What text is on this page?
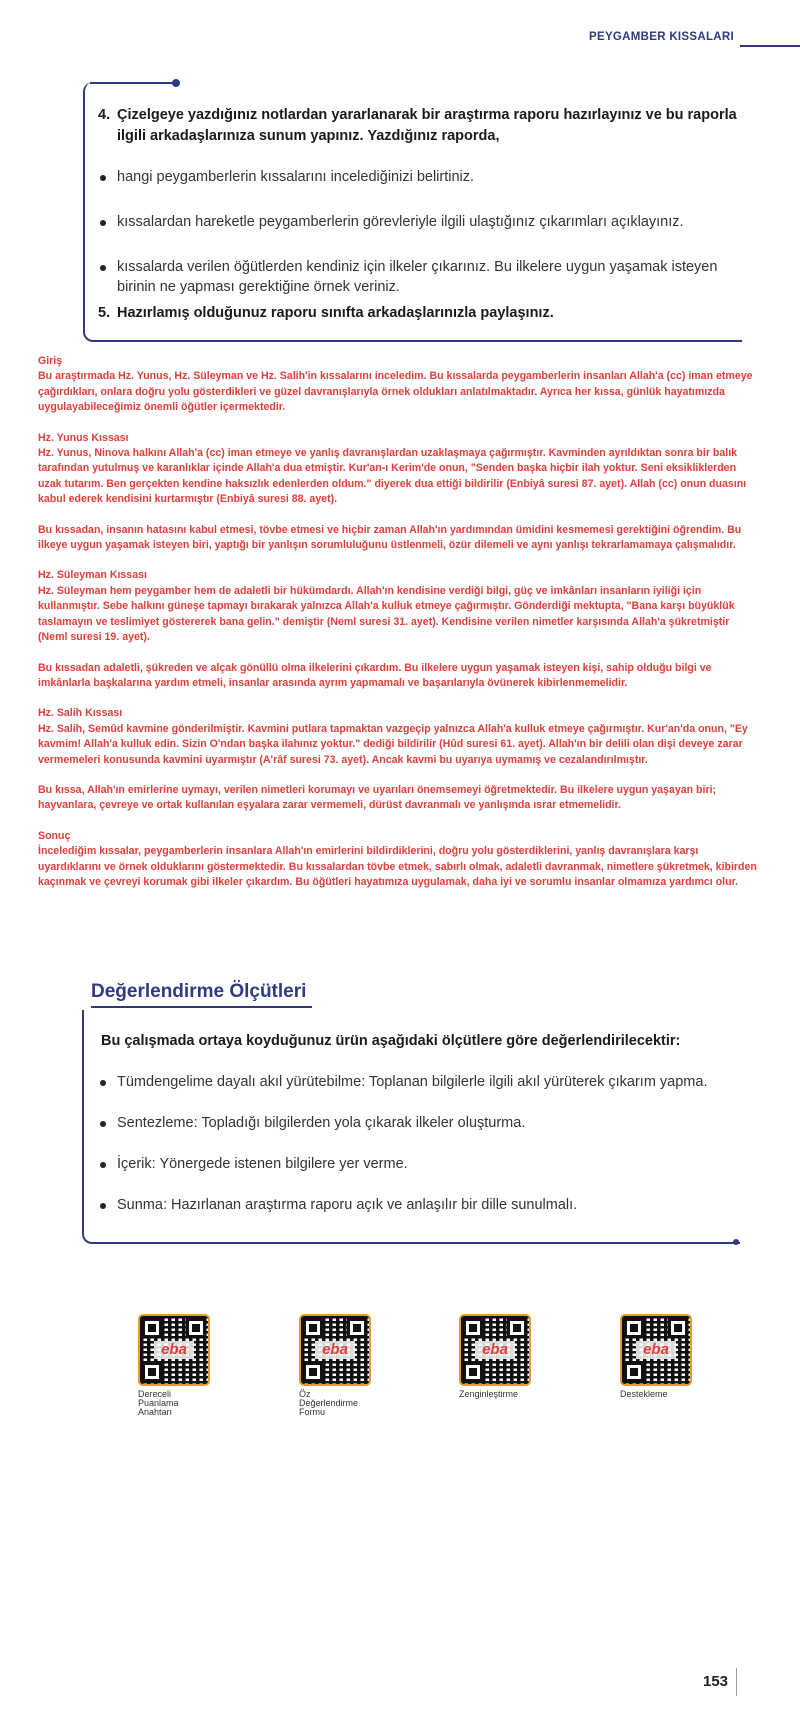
PEYGAMBER KISSALARI
4. Çizelgeye yazdığınız notlardan yararlanarak bir araştırma raporu hazırlayınız ve bu raporla ilgili arkadaşlarınıza sunum yapınız. Yazdığınız raporda,
hangi peygamberlerin kıssalarını incelediğinizi belirtiniz.
kıssalardan hareketle peygamberlerin görevleriyle ilgili ulaştığınız çıkarımları açıklayınız.
kıssalarda verilen öğütlerden kendiniz için ilkeler çıkarınız. Bu ilkelere uygun yaşamak isteyen birinin ne yapması gerektiğine örnek veriniz.
5. Hazırlamış olduğunuz raporu sınıfta arkadaşlarınızla paylaşınız.

Giriş
Bu araştırmada Hz. Yunus, Hz. Süleyman ve Hz. Salih'in kıssalarını inceledim. Bu kıssalarda peygamberlerin insanları Allah'a (cc) iman etmeye çağırdıkları, onlara doğru yolu gösterdikleri ve güzel davranışlarıyla örnek oldukları anlatılmaktadır. Ayrıca her kıssa, günlük hayatımızda uygulayabileceğimiz önemli öğütler içermektedir.

Hz. Yunus Kıssası
Hz. Yunus, Ninova halkını Allah'a (cc) iman etmeye ve yanlış davranışlardan uzaklaşmaya çağırmıştır. Kavminden ayrıldıktan sonra bir balık tarafından yutulmuş ve karanlıklar içinde Allah'a dua etmiştir. Kur'an-ı Kerim'de onun, "Senden başka hiçbir ilah yoktur. Seni eksikliklerden uzak tutarım. Ben gerçekten kendine haksızlık edenlerden oldum." diyerek dua ettiği bildirilir (Enbiyâ suresi 87. ayet). Allah (cc) onun duasını kabul ederek kendisini kurtarmıştır (Enbiyâ suresi 88. ayet).

Bu kıssadan, insanın hatasını kabul etmesi, tövbe etmesi ve hiçbir zaman Allah'ın yardımından ümidini kesmemesi gerektiğini öğrendim. Bu ilkeye uygun yaşamak isteyen biri, yaptığı bir yanlışın sorumluluğunu üstlenmeli, özür dilemeli ve aynı yanlışı tekrarlamamaya çalışmalıdır.

Hz. Süleyman Kıssası
Hz. Süleyman hem peygamber hem de adaletli bir hükümdardı. Allah'ın kendisine verdiği bilgi, güç ve imkânları insanların iyiliği için kullanmıştır. Sebe halkını güneşe tapmayı bırakarak yalnızca Allah'a kulluk etmeye çağırmıştır. Gönderdiği mektupta, "Bana karşı büyüklük taslamayın ve teslimiyet göstererek bana gelin." demiştir (Neml suresi 31. ayet). Kendisine verilen nimetler karşısında Allah'a şükretmiştir (Neml suresi 19. ayet).

Bu kıssadan adaletli, şükreden ve alçak gönüllü olma ilkelerini çıkardım. Bu ilkelere uygun yaşamak isteyen kişi, sahip olduğu bilgi ve imkânlarla başkalarına yardım etmeli, insanlar arasında ayrım yapmamalı ve başarılarıyla övünerek kibirlenmemelidir.

Hz. Salih Kıssası
Hz. Salih, Semûd kavmine gönderilmiştir. Kavmini putlara tapmaktan vazgeçip yalnızca Allah'a kulluk etmeye çağırmıştır. Kur'an'da onun, "Ey kavmim! Allah'a kulluk edin. Sizin O'ndan başka ilahınız yoktur." dediği bildirilir (Hûd suresi 61. ayet). Allah'ın bir delili olan dişi deveye zarar vermemeleri konusunda kavmini uyarmıştır (A'râf suresi 73. ayet). Ancak kavmi bu uyarıya uymamış ve cezalandırılmıştır.

Bu kıssa, Allah'ın emirlerine uymayı, verilen nimetleri korumayı ve uyarıları önemsemeyi öğretmektedir. Bu ilkelere uygun yaşayan biri; hayvanlara, çevreye ve ortak kullanılan eşyalara zarar vermemeli, dürüst davranmalı ve yanlışında ısrar etmemelidir.

Sonuç
İncelediğim kıssalar, peygamberlerin insanlara Allah'ın emirlerini bildirdiklerini, doğru yolu gösterdiklerini, yanlış davranışlara karşı uyardıklarını ve örnek olduklarını göstermektedir. Bu kıssalardan tövbe etmek, sabırlı olmak, adaletli davranmak, nimetlere şükretmek, kibirden kaçınmak ve çevreyi korumak gibi ilkeler çıkardım. Bu öğütleri hayatımıza uygulamak, daha iyi ve sorumlu insanlar olmamıza yardımcı olur.

Değerlendirme Ölçütleri
Bu çalışmada ortaya koyduğunuz ürün aşağıdaki ölçütlere göre değerlendirilecektir:
Tümdengelime dayalı akıl yürütebilme: Toplanan bilgilerle ilgili akıl yürüterek çıkarım yapma.
Sentezleme: Topladığı bilgilerden yola çıkarak ilkeler oluşturma.
İçerik: Yönergede istenen bilgilere yer verme.
Sunma: Hazırlanan araştırma raporu açık ve anlaşılır bir dille sunulmalı.
eba
Dereceli Puanlama Anahtarı
eba
Öz Değerlendirme Formu
eba
Zenginleştirme
eba
Destekleme
153
